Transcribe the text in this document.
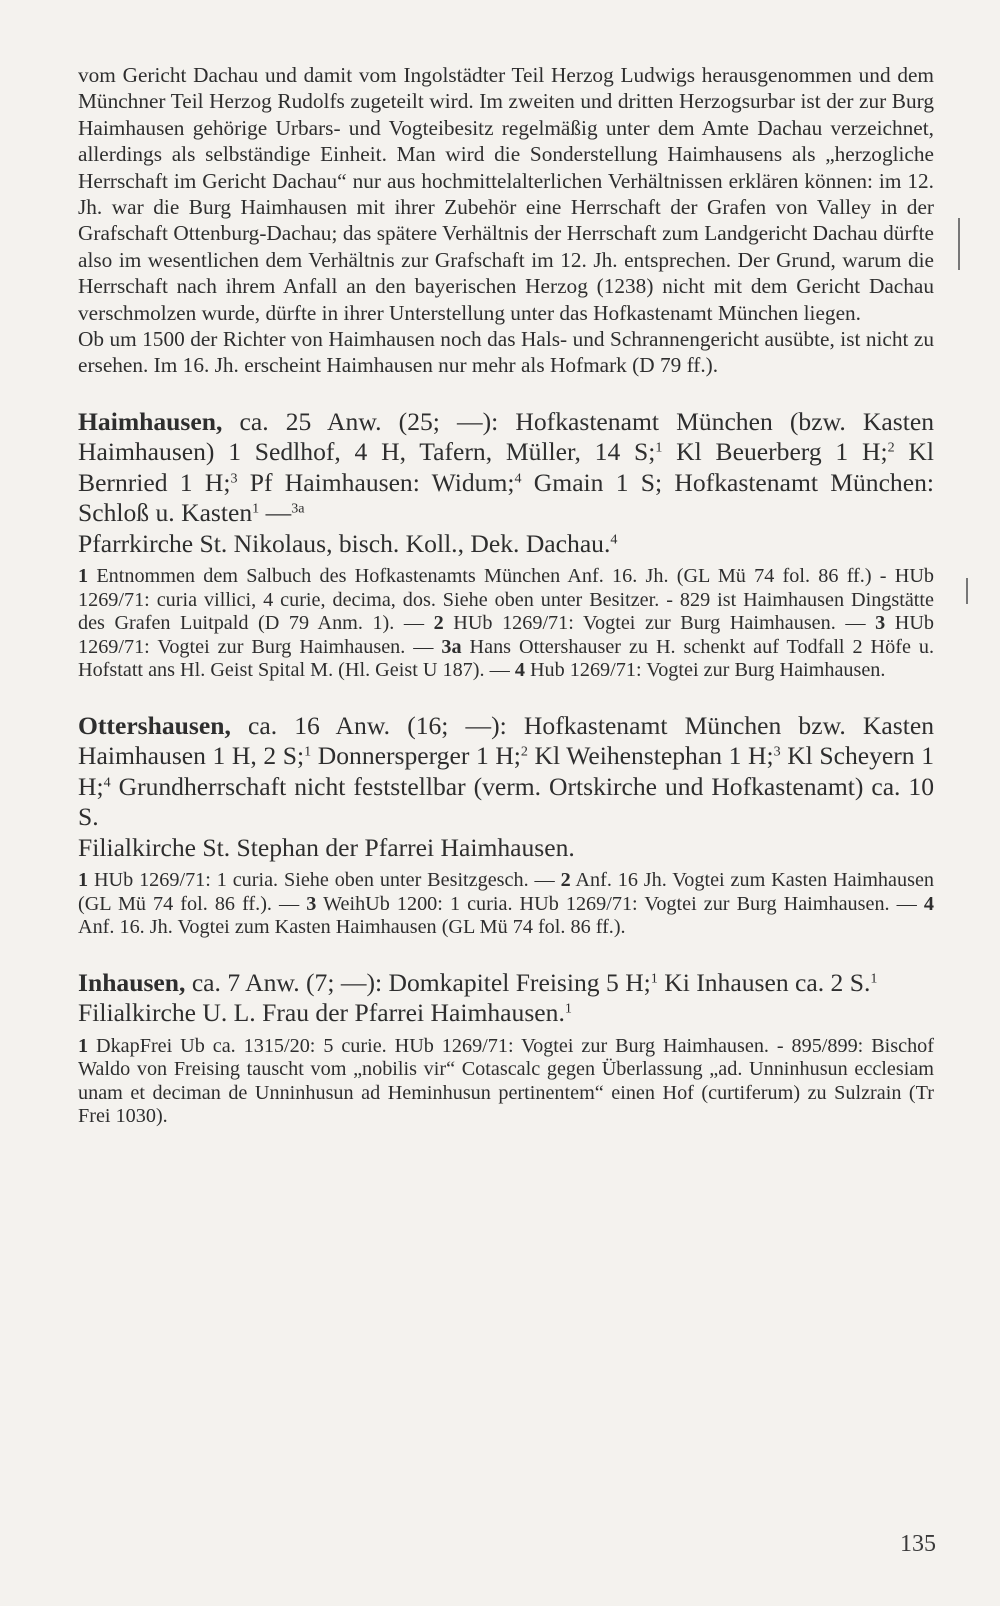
vom Gericht Dachau und damit vom Ingolstädter Teil Herzog Ludwigs herausgenommen und dem Münchner Teil Herzog Rudolfs zugeteilt wird. Im zweiten und dritten Herzogsurbar ist der zur Burg Haimhausen gehörige Urbars- und Vogteibesitz regelmäßig unter dem Amte Dachau verzeichnet, allerdings als selbständige Einheit. Man wird die Sonderstellung Haimhausens als „herzogliche Herrschaft im Gericht Dachau“ nur aus hochmittelalterlichen Verhältnissen erklären können: im 12. Jh. war die Burg Haimhausen mit ihrer Zubehör eine Herrschaft der Grafen von Valley in der Grafschaft Ottenburg-Dachau; das spätere Verhältnis der Herrschaft zum Landgericht Dachau dürfte also im wesentlichen dem Verhältnis zur Grafschaft im 12. Jh. entsprechen. Der Grund, warum die Herrschaft nach ihrem Anfall an den bayerischen Herzog (1238) nicht mit dem Gericht Dachau verschmolzen wurde, dürfte in ihrer Unterstellung unter das Hofkastenamt München liegen.

Ob um 1500 der Richter von Haimhausen noch das Hals- und Schrannengericht ausübte, ist nicht zu ersehen. Im 16. Jh. erscheint Haimhausen nur mehr als Hofmark (D 79 ff.).

Haimhausen, ca. 25 Anw. (25; —): Hofkastenamt München (bzw. Kasten Haimhausen) 1 Sedlhof, 4 H, Tafern, Müller, 14 S;$^1$ Kl Beuerberg 1 H;$^2$ Kl Bernried 1 H;$^3$ Pf Haimhausen: Widum;$^4$ Gmain 1 S; Hofkastenamt München: Schloß u. Kasten$^1$ —$^{3a}$

Pfarrkirche St. Nikolaus, bisch. Koll., Dek. Dachau.$^4$

1 Entnommen dem Salbuch des Hofkastenamts München Anf. 16. Jh. (GL Mü 74 fol. 86 ff.) - HUb 1269/71: curia villici, 4 curie, decima, dos. Siehe oben unter Besitzer. - 829 ist Haimhausen Dingstätte des Grafen Luitpald (D 79 Anm. 1). — 2 HUb 1269/71: Vogtei zur Burg Haimhausen. — 3 HUb 1269/71: Vogtei zur Burg Haimhausen. — 3a Hans Ottershauser zu H. schenkt auf Todfall 2 Höfe u. Hofstatt ans Hl. Geist Spital M. (Hl. Geist U 187). — 4 Hub 1269/71: Vogtei zur Burg Haimhausen.

Ottershausen, ca. 16 Anw. (16; —): Hofkastenamt München bzw. Kasten Haimhausen 1 H, 2 S;$^1$ Donnersperger 1 H;$^2$ Kl Weihenstephan 1 H;$^3$ Kl Scheyern 1 H;$^4$ Grundherrschaft nicht feststellbar (verm. Ortskirche und Hofkastenamt) ca. 10 S.

Filialkirche St. Stephan der Pfarrei Haimhausen.

1 HUb 1269/71: 1 curia. Siehe oben unter Besitzgesch. — 2 Anf. 16 Jh. Vogtei zum Kasten Haimhausen (GL Mü 74 fol. 86 ff.). — 3 WeihUb 1200: 1 curia. HUb 1269/71: Vogtei zur Burg Haimhausen. — 4 Anf. 16. Jh. Vogtei zum Kasten Haimhausen (GL Mü 74 fol. 86 ff.).

Inhausen, ca. 7 Anw. (7; —): Domkapitel Freising 5 H;$^1$ Ki Inhausen ca. 2 S.$^1$

Filialkirche U. L. Frau der Pfarrei Haimhausen.$^1$

1 DkapFrei Ub ca. 1315/20: 5 curie. HUb 1269/71: Vogtei zur Burg Haimhausen. - 895/899: Bischof Waldo von Freising tauscht vom „nobilis vir“ Cotascalc gegen Überlassung „ad. Unninhusun ecclesiam unam et deciman de Unninhusun ad Heminhusun pertinentem“ einen Hof (curtiferum) zu Sulzrain (Tr Frei 1030).

135
